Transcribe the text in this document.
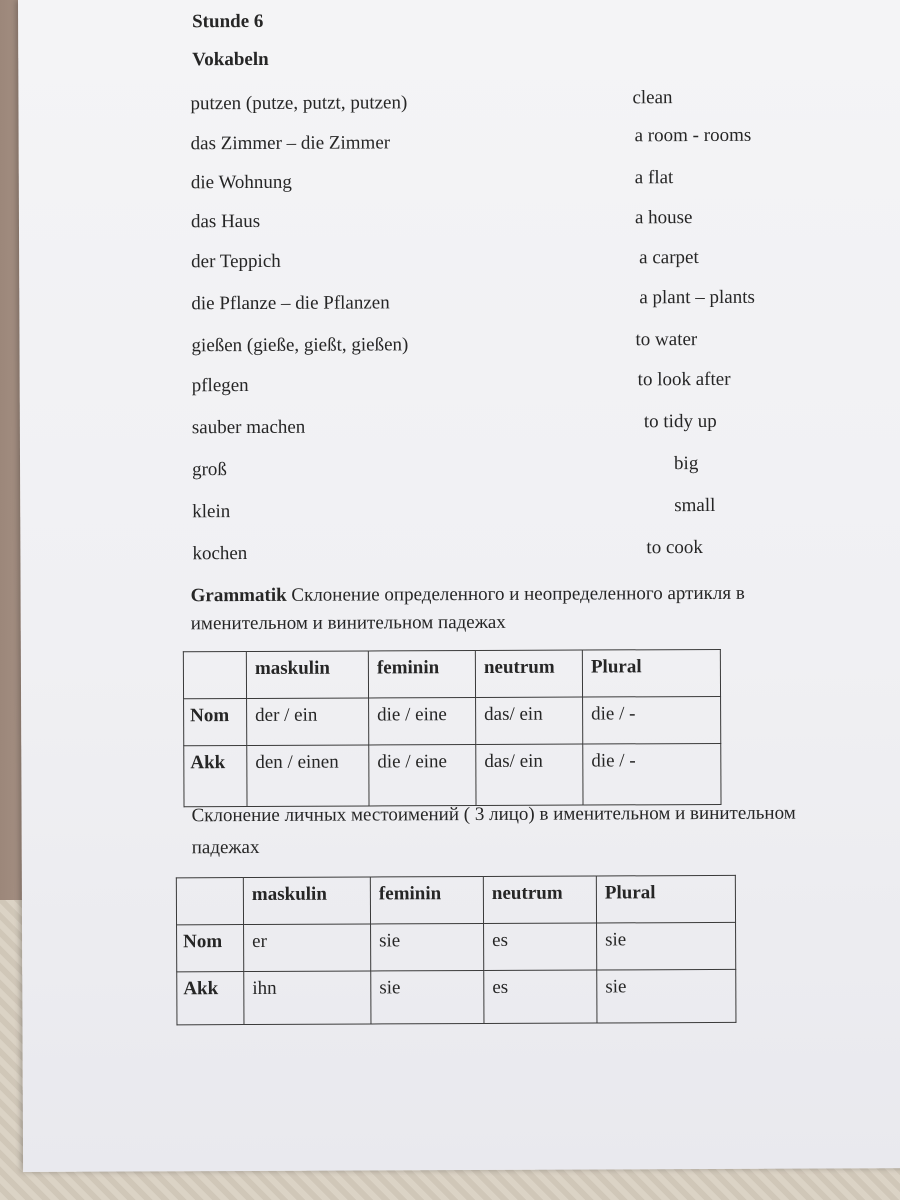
Stunde 6
Vokabeln
putzen (putze, putzt, putzen)	clean
das Zimmer – die Zimmer	a room - rooms
die Wohnung	a flat
das Haus	a house
der Teppich	a carpet
die Pflanze – die Pflanzen	a plant – plants
gießen (gieße, gießt, gießen)	to water
pflegen	to look after
sauber machen	to tidy up
groß	big
klein	small
kochen	to cook
Grammatik Склонение определенного и неопределенного артикля в
именительном и винительном падежах
	maskulin	feminin	neutrum	Plural
Nom	der / ein	die / eine	das/ ein	die / -
Akk	den / einen	die / eine	das/ ein	die / -
Склонение личных местоимений ( 3 лицо) в именительном и винительном
падежах
	maskulin	feminin	neutrum	Plural
Nom	er	sie	es	sie
Akk	ihn	sie	es	sie
